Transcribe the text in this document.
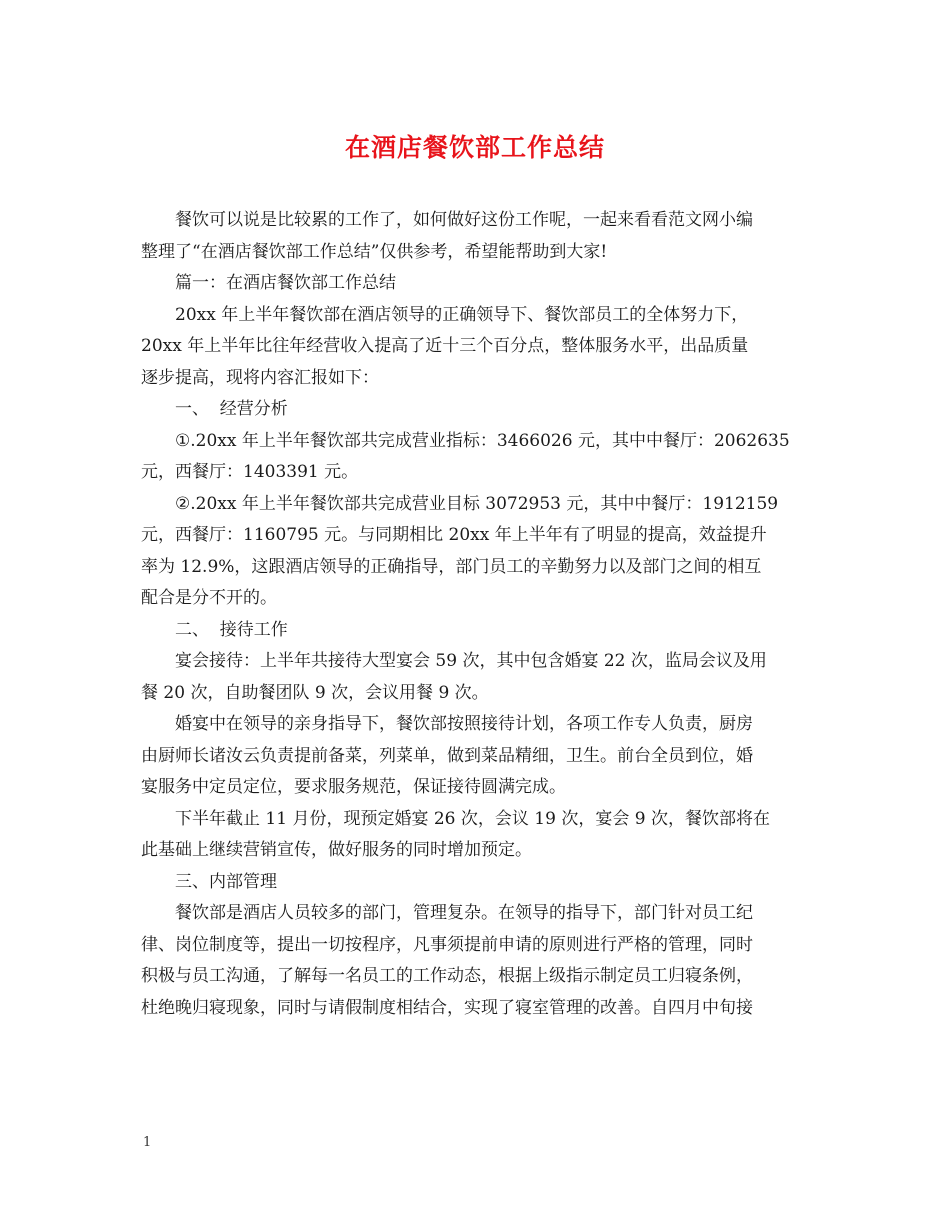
在酒店餐饮部工作总结

餐饮可以说是比较累的工作了，如何做好这份工作呢，一起来看看范文网小编

整理了“在酒店餐饮部工作总结”仅供参考，希望能帮助到大家!

篇一：在酒店餐饮部工作总结

20xx 年上半年餐饮部在酒店领导的正确领导下、餐饮部员工的全体努力下，

20xx 年上半年比往年经营收入提高了近十三个百分点，整体服务水平，出品质量

逐步提高，现将内容汇报如下：

一、  经营分析

①.20xx 年上半年餐饮部共完成营业指标：3466026 元，其中中餐厅：2062635

元，西餐厅：1403391 元。

②.20xx 年上半年餐饮部共完成营业目标 3072953 元，其中中餐厅：1912159

元，西餐厅：1160795 元。与同期相比 20xx 年上半年有了明显的提高，效益提升

率为 12.9%，这跟酒店领导的正确指导，部门员工的辛勤努力以及部门之间的相互

配合是分不开的。

二、  接待工作

宴会接待：上半年共接待大型宴会 59 次，其中包含婚宴 22 次，监局会议及用

餐 20 次，自助餐团队 9 次，会议用餐 9 次。

婚宴中在领导的亲身指导下，餐饮部按照接待计划，各项工作专人负责，厨房

由厨师长诸汝云负责提前备菜，列菜单，做到菜品精细，卫生。前台全员到位，婚

宴服务中定员定位，要求服务规范，保证接待圆满完成。

下半年截止 11 月份，现预定婚宴 26 次，会议 19 次，宴会 9 次，餐饮部将在

此基础上继续营销宣传，做好服务的同时增加预定。

三、内部管理

餐饮部是酒店人员较多的部门，管理复杂。在领导的指导下，部门针对员工纪

律、岗位制度等，提出一切按程序，凡事须提前申请的原则进行严格的管理，同时

积极与员工沟通，了解每一名员工的工作动态，根据上级指示制定员工归寝条例，

杜绝晚归寝现象，同时与请假制度相结合，实现了寝室管理的改善。自四月中旬接

1
